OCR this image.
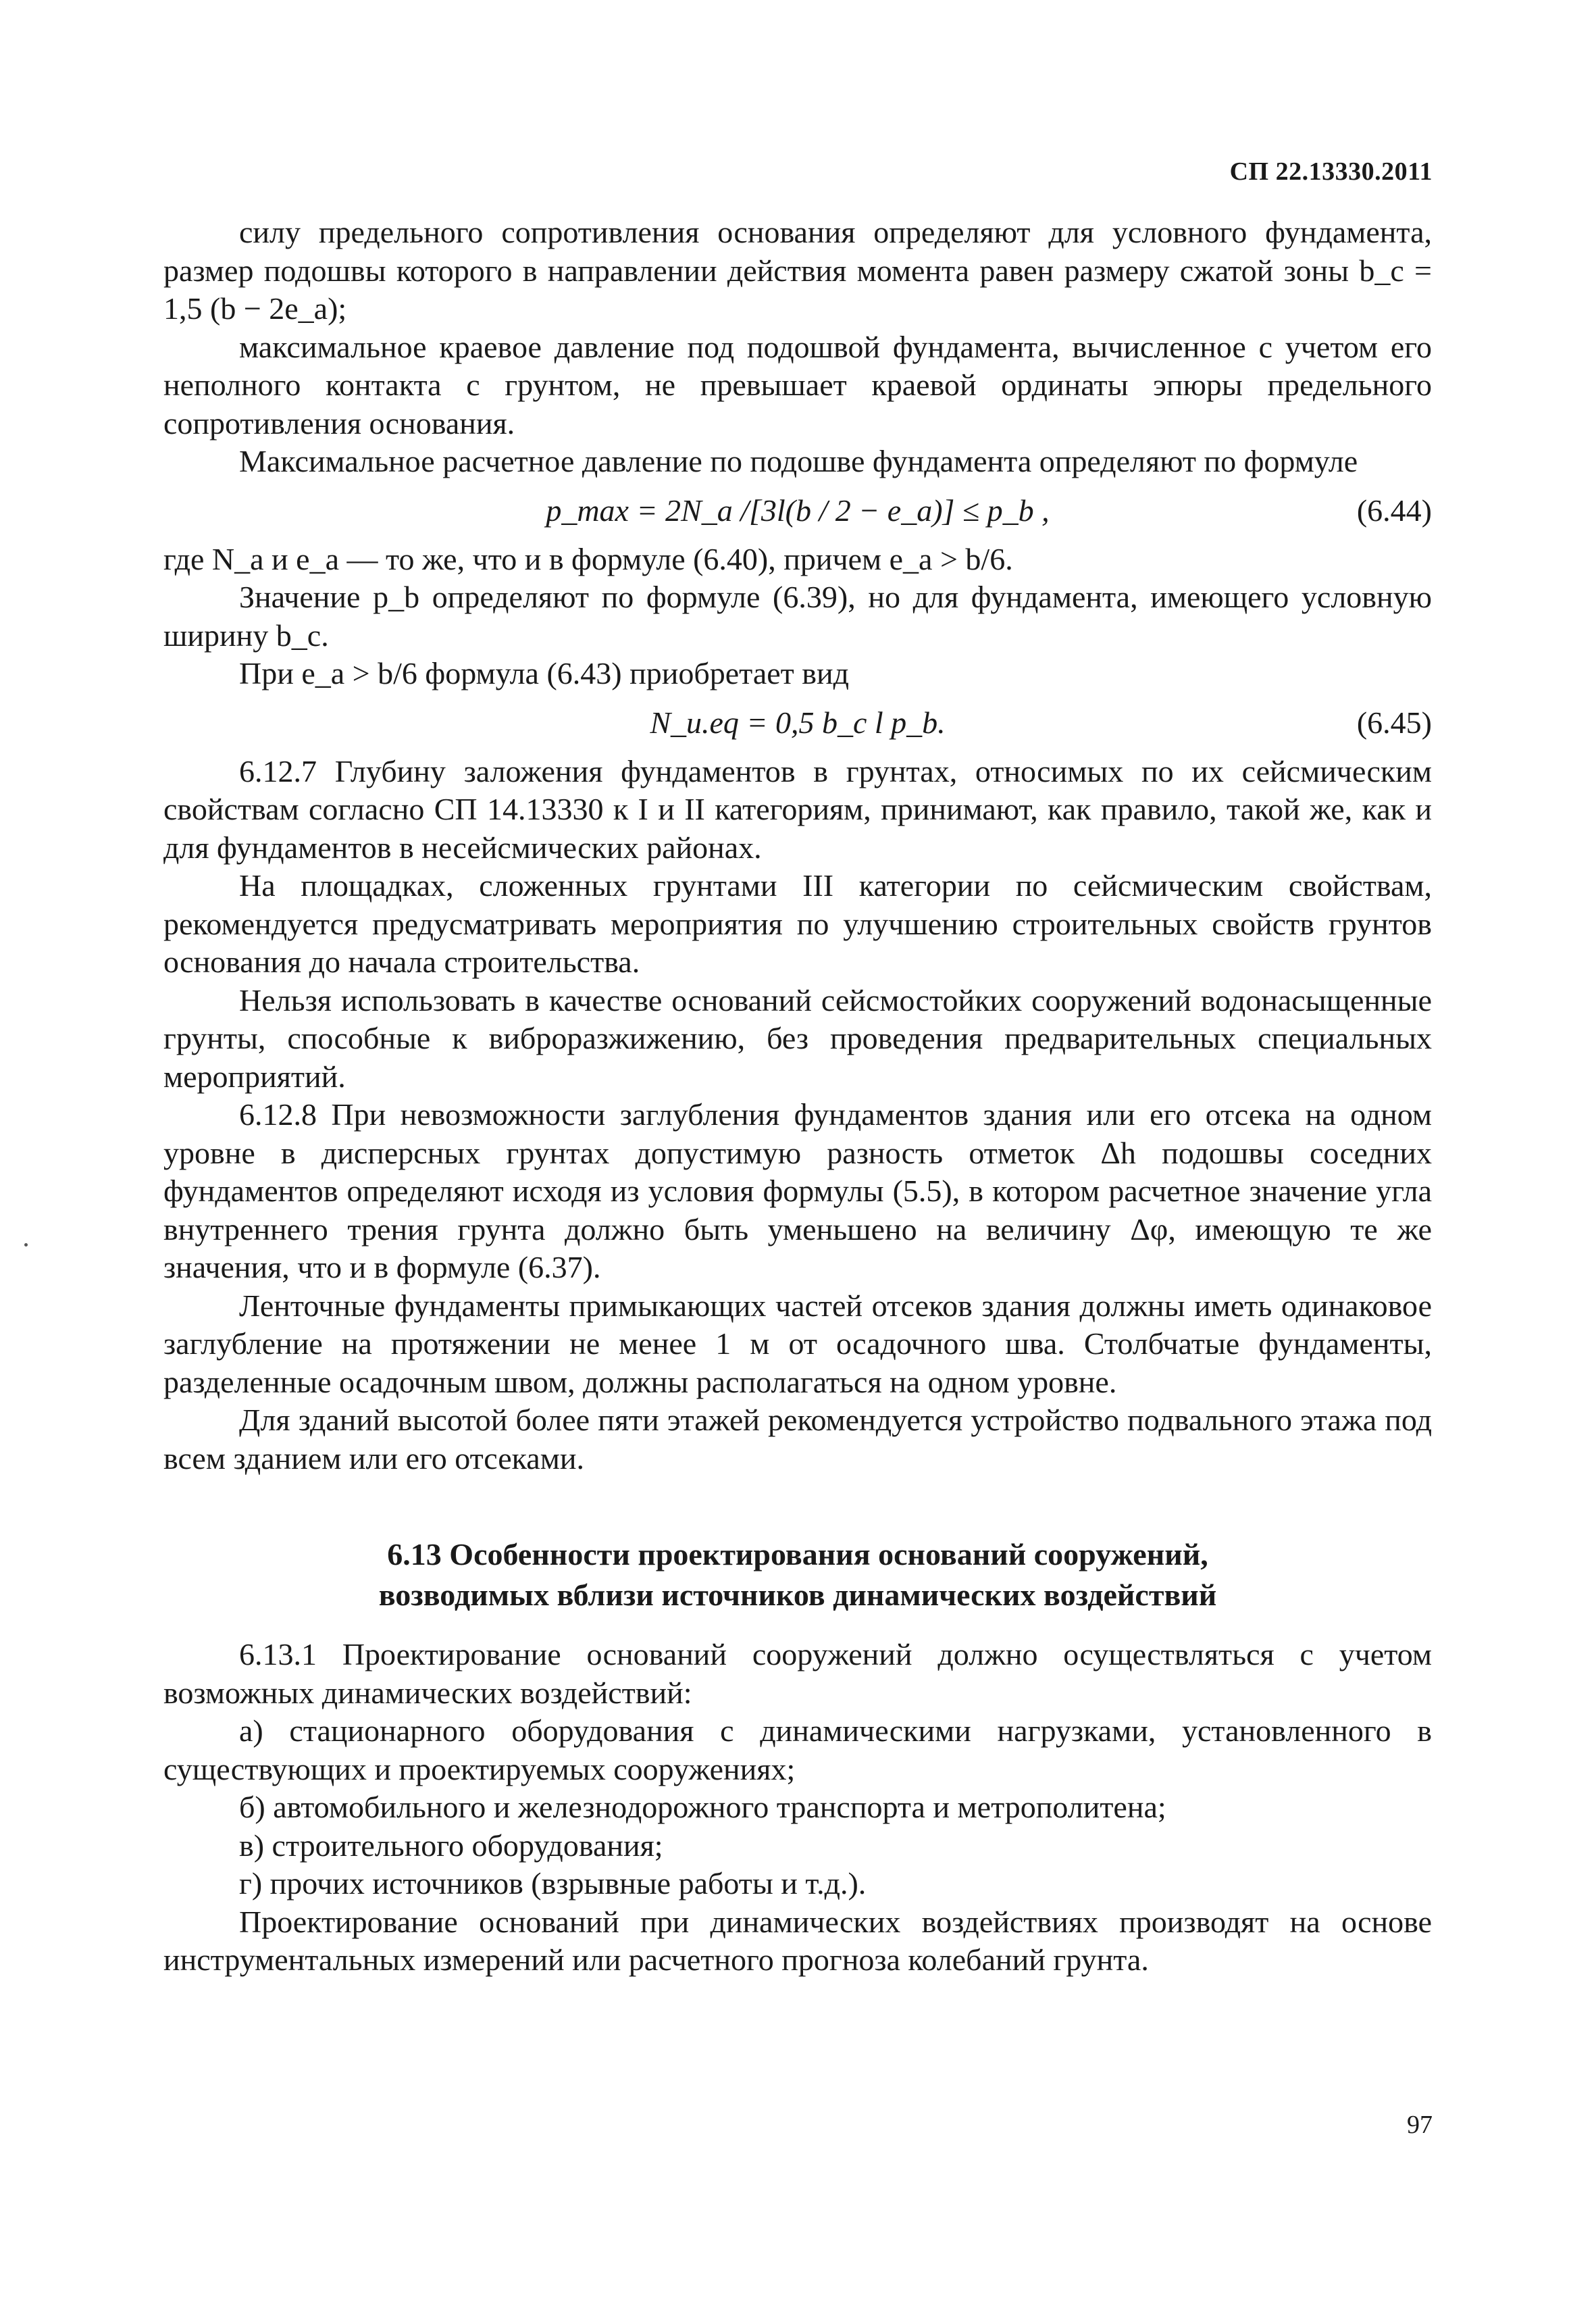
СП 22.13330.2011

силу предельного сопротивления основания определяют для условного фундамента, размер подошвы которого в направлении действия момента равен размеру сжатой зоны b_c = 1,5 (b − 2e_a);

максимальное краевое давление под подошвой фундамента, вычисленное с учетом его неполного контакта с грунтом, не превышает краевой ординаты эпюры предельного сопротивления основания.

Максимальное расчетное давление по подошве фундамента определяют по формуле

p_max = 2N_a /[3l(b / 2 − e_a)] ≤ p_b ,	(6.44)

где N_a и e_a — то же, что и в формуле (6.40), причем e_a > b/6.

Значение p_b определяют по формуле (6.39), но для фундамента, имеющего условную ширину b_c.

При e_a > b/6 формула (6.43) приобретает вид

N_u.eq = 0,5 b_c l p_b.	(6.45)

6.12.7 Глубину заложения фундаментов в грунтах, относимых по их сейсмическим свойствам согласно СП 14.13330 к I и II категориям, принимают, как правило, такой же, как и для фундаментов в несейсмических районах.

На площадках, сложенных грунтами III категории по сейсмическим свойствам, рекомендуется предусматривать мероприятия по улучшению строительных свойств грунтов основания до начала строительства.

Нельзя использовать в качестве оснований сейсмостойких сооружений водонасыщенные грунты, способные к виброразжижению, без проведения предварительных специальных мероприятий.

6.12.8 При невозможности заглубления фундаментов здания или его отсека на одном уровне в дисперсных грунтах допустимую разность отметок Δh подошвы соседних фундаментов определяют исходя из условия формулы (5.5), в котором расчетное значение угла внутреннего трения грунта должно быть уменьшено на величину Δφ, имеющую те же значения, что и в формуле (6.37).

Ленточные фундаменты примыкающих частей отсеков здания должны иметь одинаковое заглубление на протяжении не менее 1 м от осадочного шва. Столбчатые фундаменты, разделенные осадочным швом, должны располагаться на одном уровне.

Для зданий высотой более пяти этажей рекомендуется устройство подвального этажа под всем зданием или его отсеками.

6.13 Особенности проектирования оснований сооружений,
возводимых вблизи источников динамических воздействий

6.13.1 Проектирование оснований сооружений должно осуществляться с учетом возможных динамических воздействий:

а) стационарного оборудования с динамическими нагрузками, установленного в существующих и проектируемых сооружениях;

б) автомобильного и железнодорожного транспорта и метрополитена;

в) строительного оборудования;

г) прочих источников (взрывные работы и т.д.).

Проектирование оснований при динамических воздействиях производят на основе инструментальных измерений или расчетного прогноза колебаний грунта.

97
